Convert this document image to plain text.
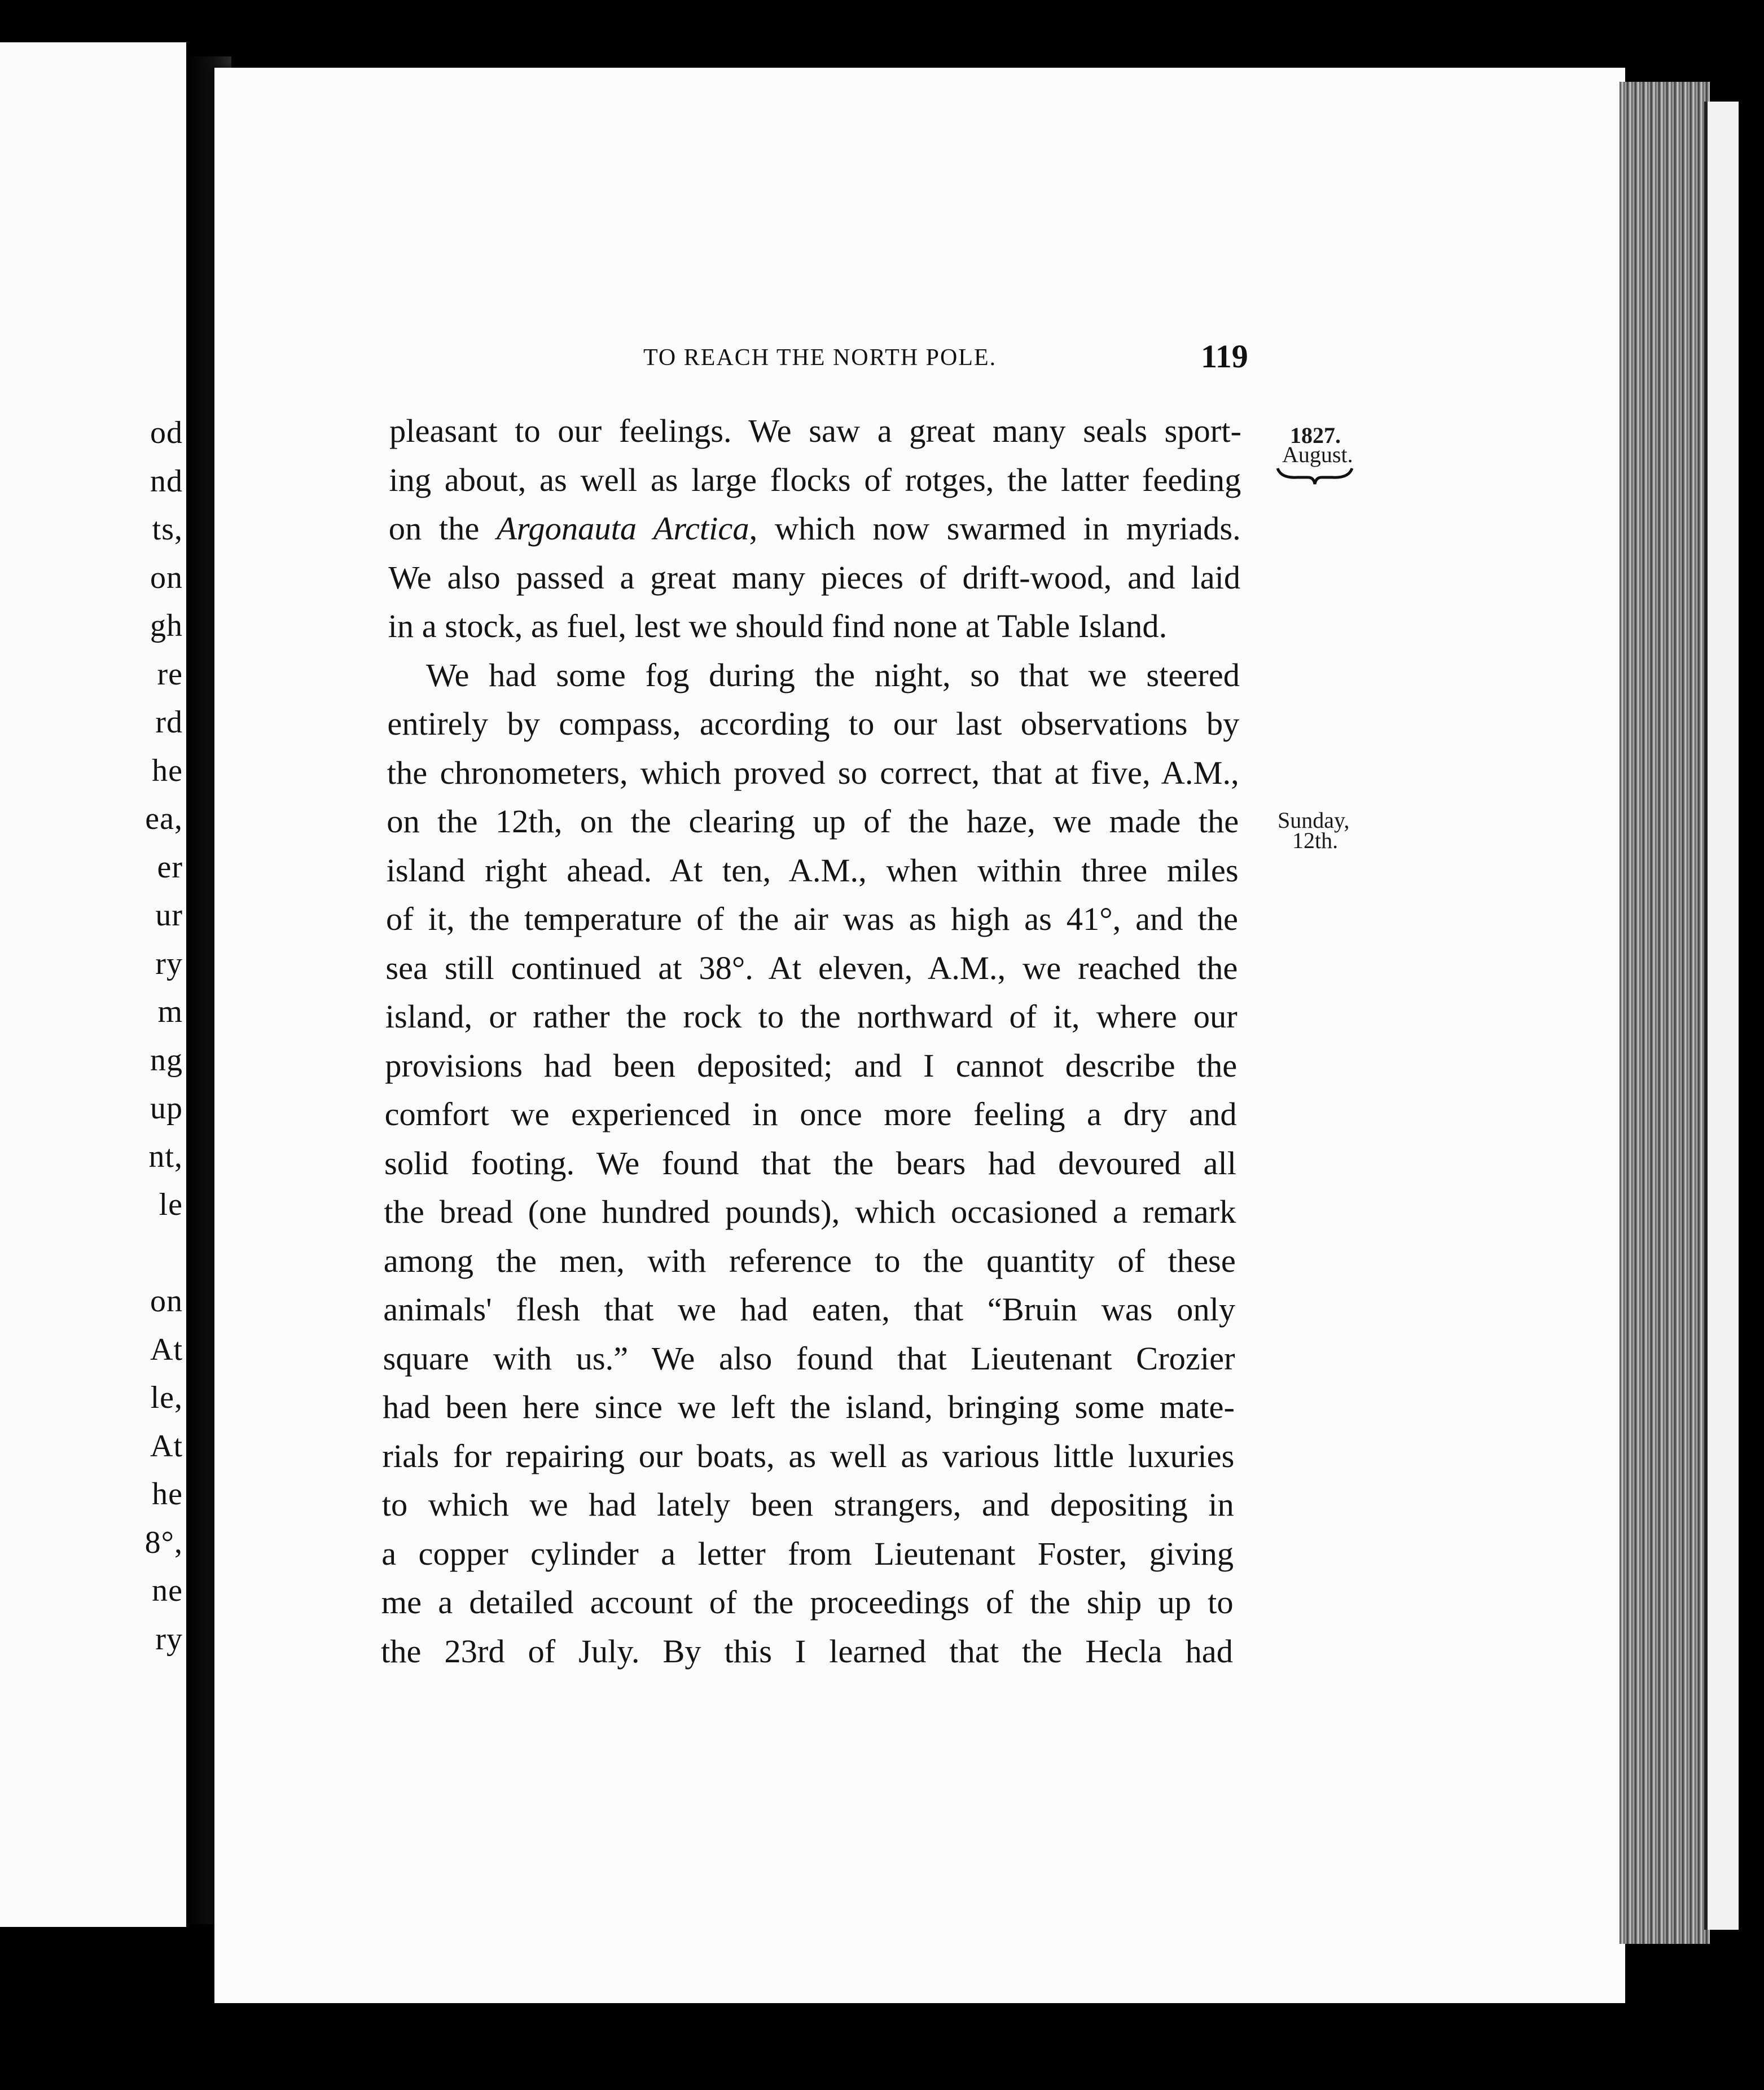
od
nd
ts,
on
gh
re
rd
he
ea,
er
ur
ry
m
ng
up
nt,
le
on
At
le,
At
he
8°,
ne
ry
TO REACH THE NORTH POLE.	119
1827.
August.
Sunday,
12th.
pleasant to our feelings. We saw a great many seals sport-
ing about, as well as large flocks of rotges, the latter feeding
on the Argonauta Arctica, which now swarmed in myriads.
We also passed a great many pieces of drift-wood, and laid
in a stock, as fuel, lest we should find none at Table Island.
We had some fog during the night, so that we steered
entirely by compass, according to our last observations by
the chronometers, which proved so correct, that at five, A.M.,
on the 12th, on the clearing up of the haze, we made the
island right ahead. At ten, A.M., when within three miles
of it, the temperature of the air was as high as 41°, and the
sea still continued at 38°. At eleven, A.M., we reached the
island, or rather the rock to the northward of it, where our
provisions had been deposited; and I cannot describe the
comfort we experienced in once more feeling a dry and
solid footing. We found that the bears had devoured all
the bread (one hundred pounds), which occasioned a remark
among the men, with reference to the quantity of these
animals' flesh that we had eaten, that “Bruin was only
square with us.” We also found that Lieutenant Crozier
had been here since we left the island, bringing some mate-
rials for repairing our boats, as well as various little luxuries
to which we had lately been strangers, and depositing in
a copper cylinder a letter from Lieutenant Foster, giving
me a detailed account of the proceedings of the ship up to
the 23rd of July. By this I learned that the Hecla had
